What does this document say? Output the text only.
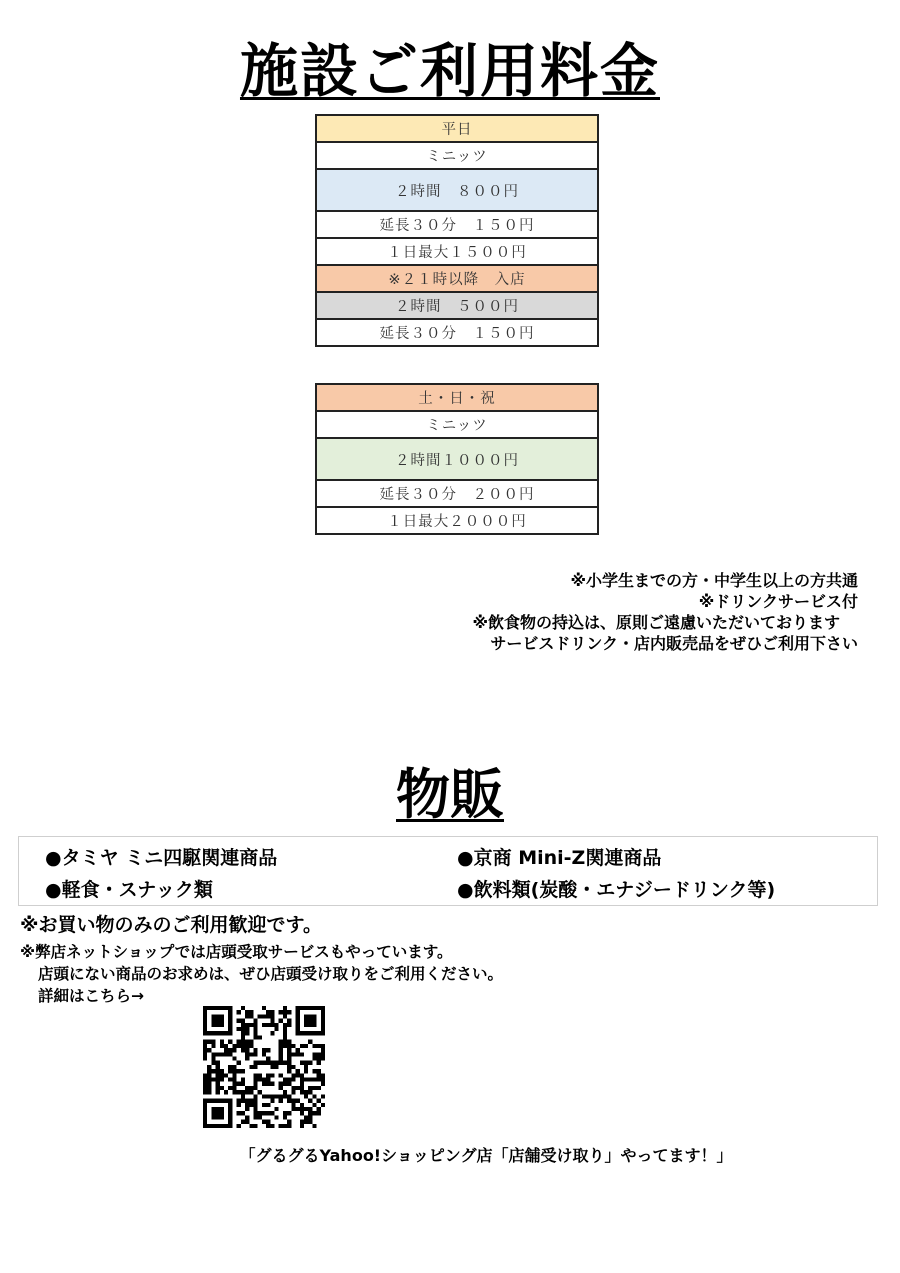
施設ご利用料金
平日
ミニッツ
２時間　８００円
延長３０分　１５０円
１日最大１５００円
※２１時以降　入店
２時間　５００円
延長３０分　１５０円
土・日・祝
ミニッツ
２時間１０００円
延長３０分　２００円
１日最大２０００円
※小学生までの方・中学生以上の方共通
※ドリンクサービス付
※飲食物の持込は、原則ご遠慮いただいております
サービスドリンク・店内販売品をぜひご利用下さい
物販
●タミヤ ミニ四駆関連商品	●京商 Mini-Z関連商品
●軽食・スナック類	●飲料類(炭酸・エナジードリンク等)
※お買い物のみのご利用歓迎です。
※弊店ネットショップでは店頭受取サービスもやっています。
店頭にない商品のお求めは、ぜひ店頭受け取りをご利用ください。
詳細はこちら→
「グるグるYahoo!ショッピング店「店舗受け取り」やってます！」
